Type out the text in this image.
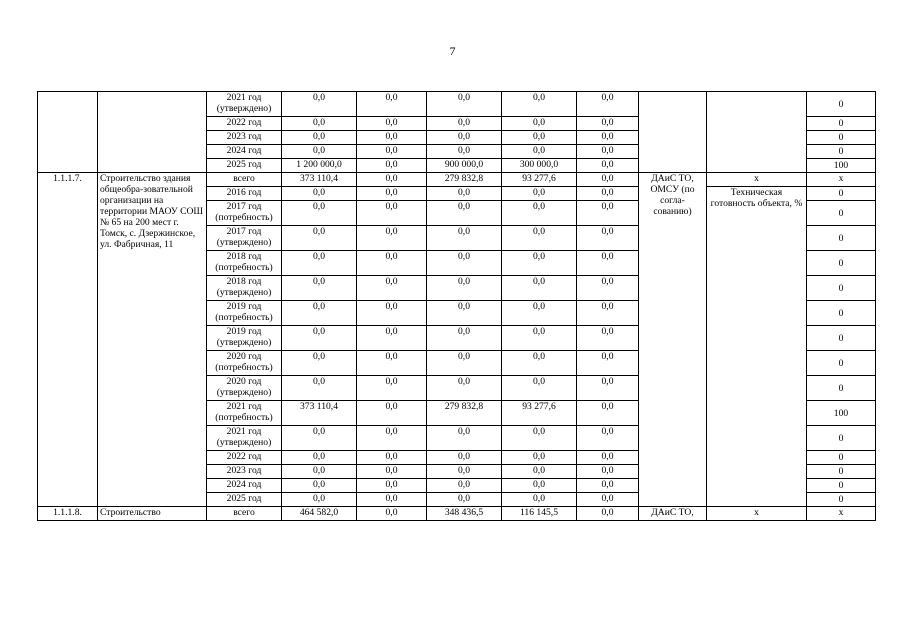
7
		2021 год (утверждено)	0,0	0,0	0,0	0,0	0,0			0
		2022 год	0,0	0,0	0,0	0,0	0,0			0
		2023 год	0,0	0,0	0,0	0,0	0,0			0
		2024 год	0,0	0,0	0,0	0,0	0,0			0
		2025 год	1 200 000,0	0,0	900 000,0	300 000,0	0,0			100
1.1.1.7.	Строительство здания общеобра-зовательной организации на территории МАОУ СОШ № 65 на 200 мест г. Томск, с. Дзержинское, ул. Фабричная, 11	всего	373 110,4	0,0	279 832,8	93 277,6	0,0	ДАиС ТО, ОМСУ (по согла-сованию)	х	х
		2016 год	0,0	0,0	0,0	0,0	0,0		Техническая готовность объекта, %	0
		2017 год (потребность)	0,0	0,0	0,0	0,0	0,0			0
		2017 год (утверждено)	0,0	0,0	0,0	0,0	0,0			0
		2018 год (потребность)	0,0	0,0	0,0	0,0	0,0			0
		2018 год (утверждено)	0,0	0,0	0,0	0,0	0,0			0
		2019 год (потребность)	0,0	0,0	0,0	0,0	0,0			0
		2019 год (утверждено)	0,0	0,0	0,0	0,0	0,0			0
		2020 год (потребность)	0,0	0,0	0,0	0,0	0,0			0
		2020 год (утверждено)	0,0	0,0	0,0	0,0	0,0			0
		2021 год (потребность)	373 110,4	0,0	279 832,8	93 277,6	0,0			100
		2021 год (утверждено)	0,0	0,0	0,0	0,0	0,0			0
		2022 год	0,0	0,0	0,0	0,0	0,0			0
		2023 год	0,0	0,0	0,0	0,0	0,0			0
		2024 год	0,0	0,0	0,0	0,0	0,0			0
		2025 год	0,0	0,0	0,0	0,0	0,0			0
1.1.1.8.	Строительство	всего	464 582,0	0,0	348 436,5	116 145,5	0,0	ДАиС ТО,	х	х
